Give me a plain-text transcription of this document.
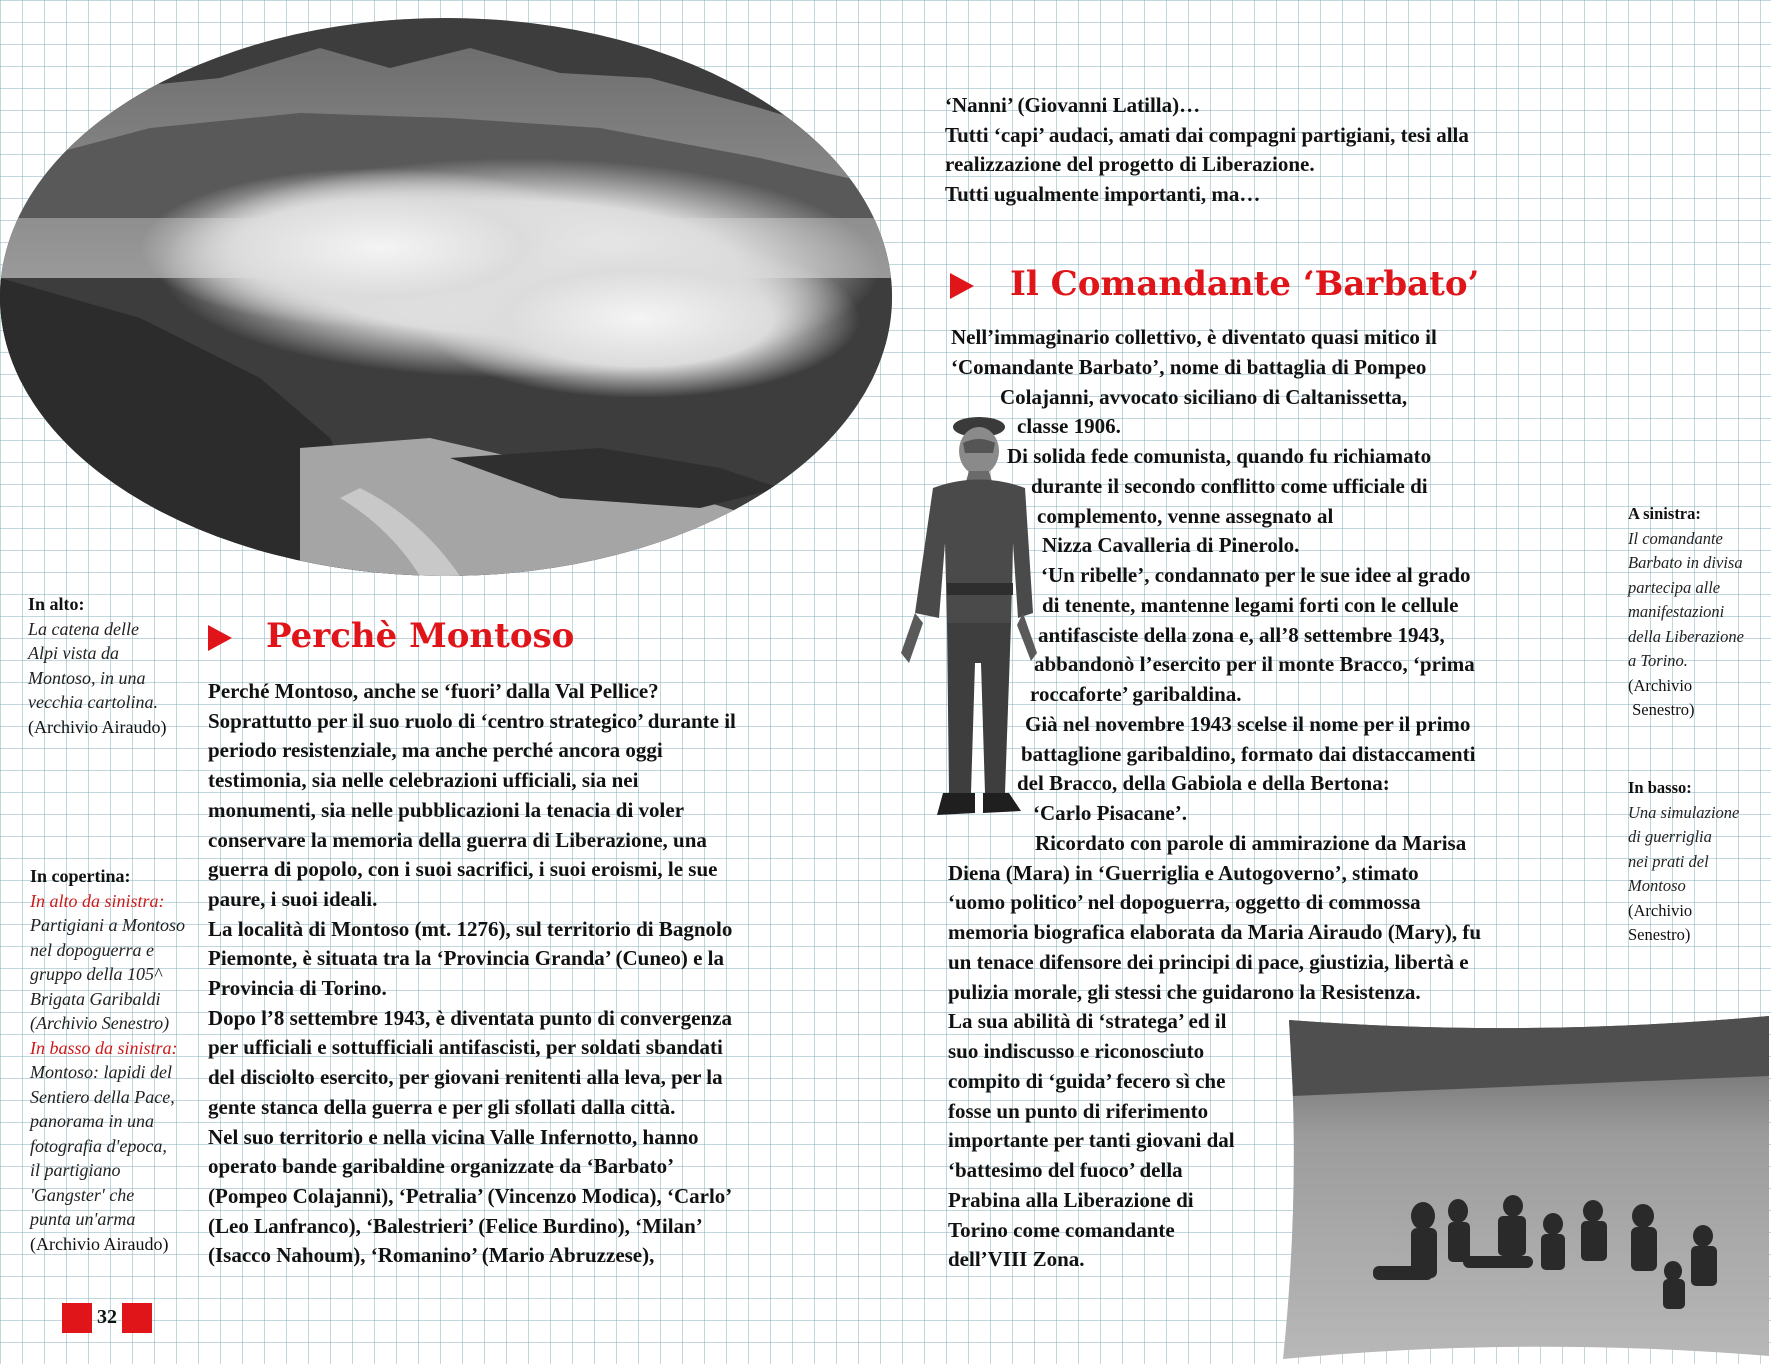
In alto:
La catena delle
Alpi vista da
Montoso, in una
vecchia cartolina.
(Archivio Airaudo)
In copertina:
In alto da sinistra:
Partigiani a Montoso
nel dopoguerra e
gruppo della 105^
Brigata Garibaldi
(Archivio Senestro)
In basso da sinistra:
Montoso: lapidi del
Sentiero della Pace,
panorama in una
fotografia d'epoca,
il partigiano
'Gangster' che
punta un'arma
(Archivio Airaudo)
Perchè Montoso

Perché Montoso, anche se ‘fuori’ dalla Val Pellice?

Soprattutto per il suo ruolo di ‘centro strategico’ durante il

periodo resistenziale, ma anche perché ancora oggi

testimonia, sia nelle celebrazioni ufficiali, sia nei

monumenti, sia nelle pubblicazioni la tenacia di voler

conservare la memoria della guerra di Liberazione, una

guerra di popolo, con i suoi sacrifici, i suoi eroismi, le sue

paure, i suoi ideali.

La località di Montoso (mt. 1276), sul territorio di Bagnolo

Piemonte, è situata tra la ‘Provincia Granda’ (Cuneo) e la

Provincia di Torino.

Dopo l’8 settembre 1943, è diventata punto di convergenza

per ufficiali e sottufficiali antifascisti, per soldati sbandati

del disciolto esercito, per giovani renitenti alla leva, per la

gente stanca della guerra e per gli sfollati dalla città.

Nel suo territorio e nella vicina Valle Infernotto, hanno

operato bande garibaldine organizzate da ‘Barbato’

(Pompeo Colajanni), ‘Petralia’ (Vincenzo Modica), ‘Carlo’

(Leo Lanfranco), ‘Balestrieri’ (Felice Burdino), ‘Milan’

(Isacco Nahoum), ‘Romanino’ (Mario Abruzzese),

32

‘Nanni’ (Giovanni Latilla)…

Tutti ‘capi’ audaci, amati dai compagni partigiani, tesi alla

realizzazione del progetto di Liberazione.

Tutti ugualmente importanti, ma…

Il Comandante ‘Barbato’

Nell’immaginario collettivo, è diventato quasi mitico il

‘Comandante Barbato’, nome di battaglia di Pompeo

Colajanni, avvocato siciliano di Caltanissetta,

classe 1906.

Di solida fede comunista, quando fu richiamato

durante il secondo conflitto come ufficiale di

complemento, venne assegnato al

Nizza Cavalleria di Pinerolo.

‘Un ribelle’, condannato per le sue idee al grado

di tenente, mantenne legami forti con le cellule

antifasciste della zona e, all’8 settembre 1943,

abbandonò l’esercito per il monte Bracco, ‘prima

roccaforte’ garibaldina.

Già nel novembre 1943 scelse il nome per il primo

battaglione garibaldino, formato dai distaccamenti

del Bracco, della Gabiola e della Bertona:

‘Carlo Pisacane’.

Ricordato con parole di ammirazione da Marisa

Diena (Mara) in ‘Guerriglia e Autogoverno’, stimato

‘uomo politico’ nel dopoguerra, oggetto di commossa

memoria biografica elaborata da Maria Airaudo (Mary), fu

un tenace difensore dei principi di pace, giustizia, libertà e

pulizia morale, gli stessi che guidarono la Resistenza.

La sua abilità di ‘stratega’ ed il

suo indiscusso e riconosciuto

compito di ‘guida’ fecero sì che

fosse un punto di riferimento

importante per tanti giovani dal

‘battesimo del fuoco’ della

Prabina alla Liberazione di

Torino come comandante

dell’VIII Zona.

A sinistra:
Il comandante
Barbato in divisa
partecipa alle
manifestazioni
della Liberazione
a Torino.
(Archivio
Senestro)
In basso:
Una simulazione
di guerriglia
nei prati del
Montoso
(Archivio
Senestro)
